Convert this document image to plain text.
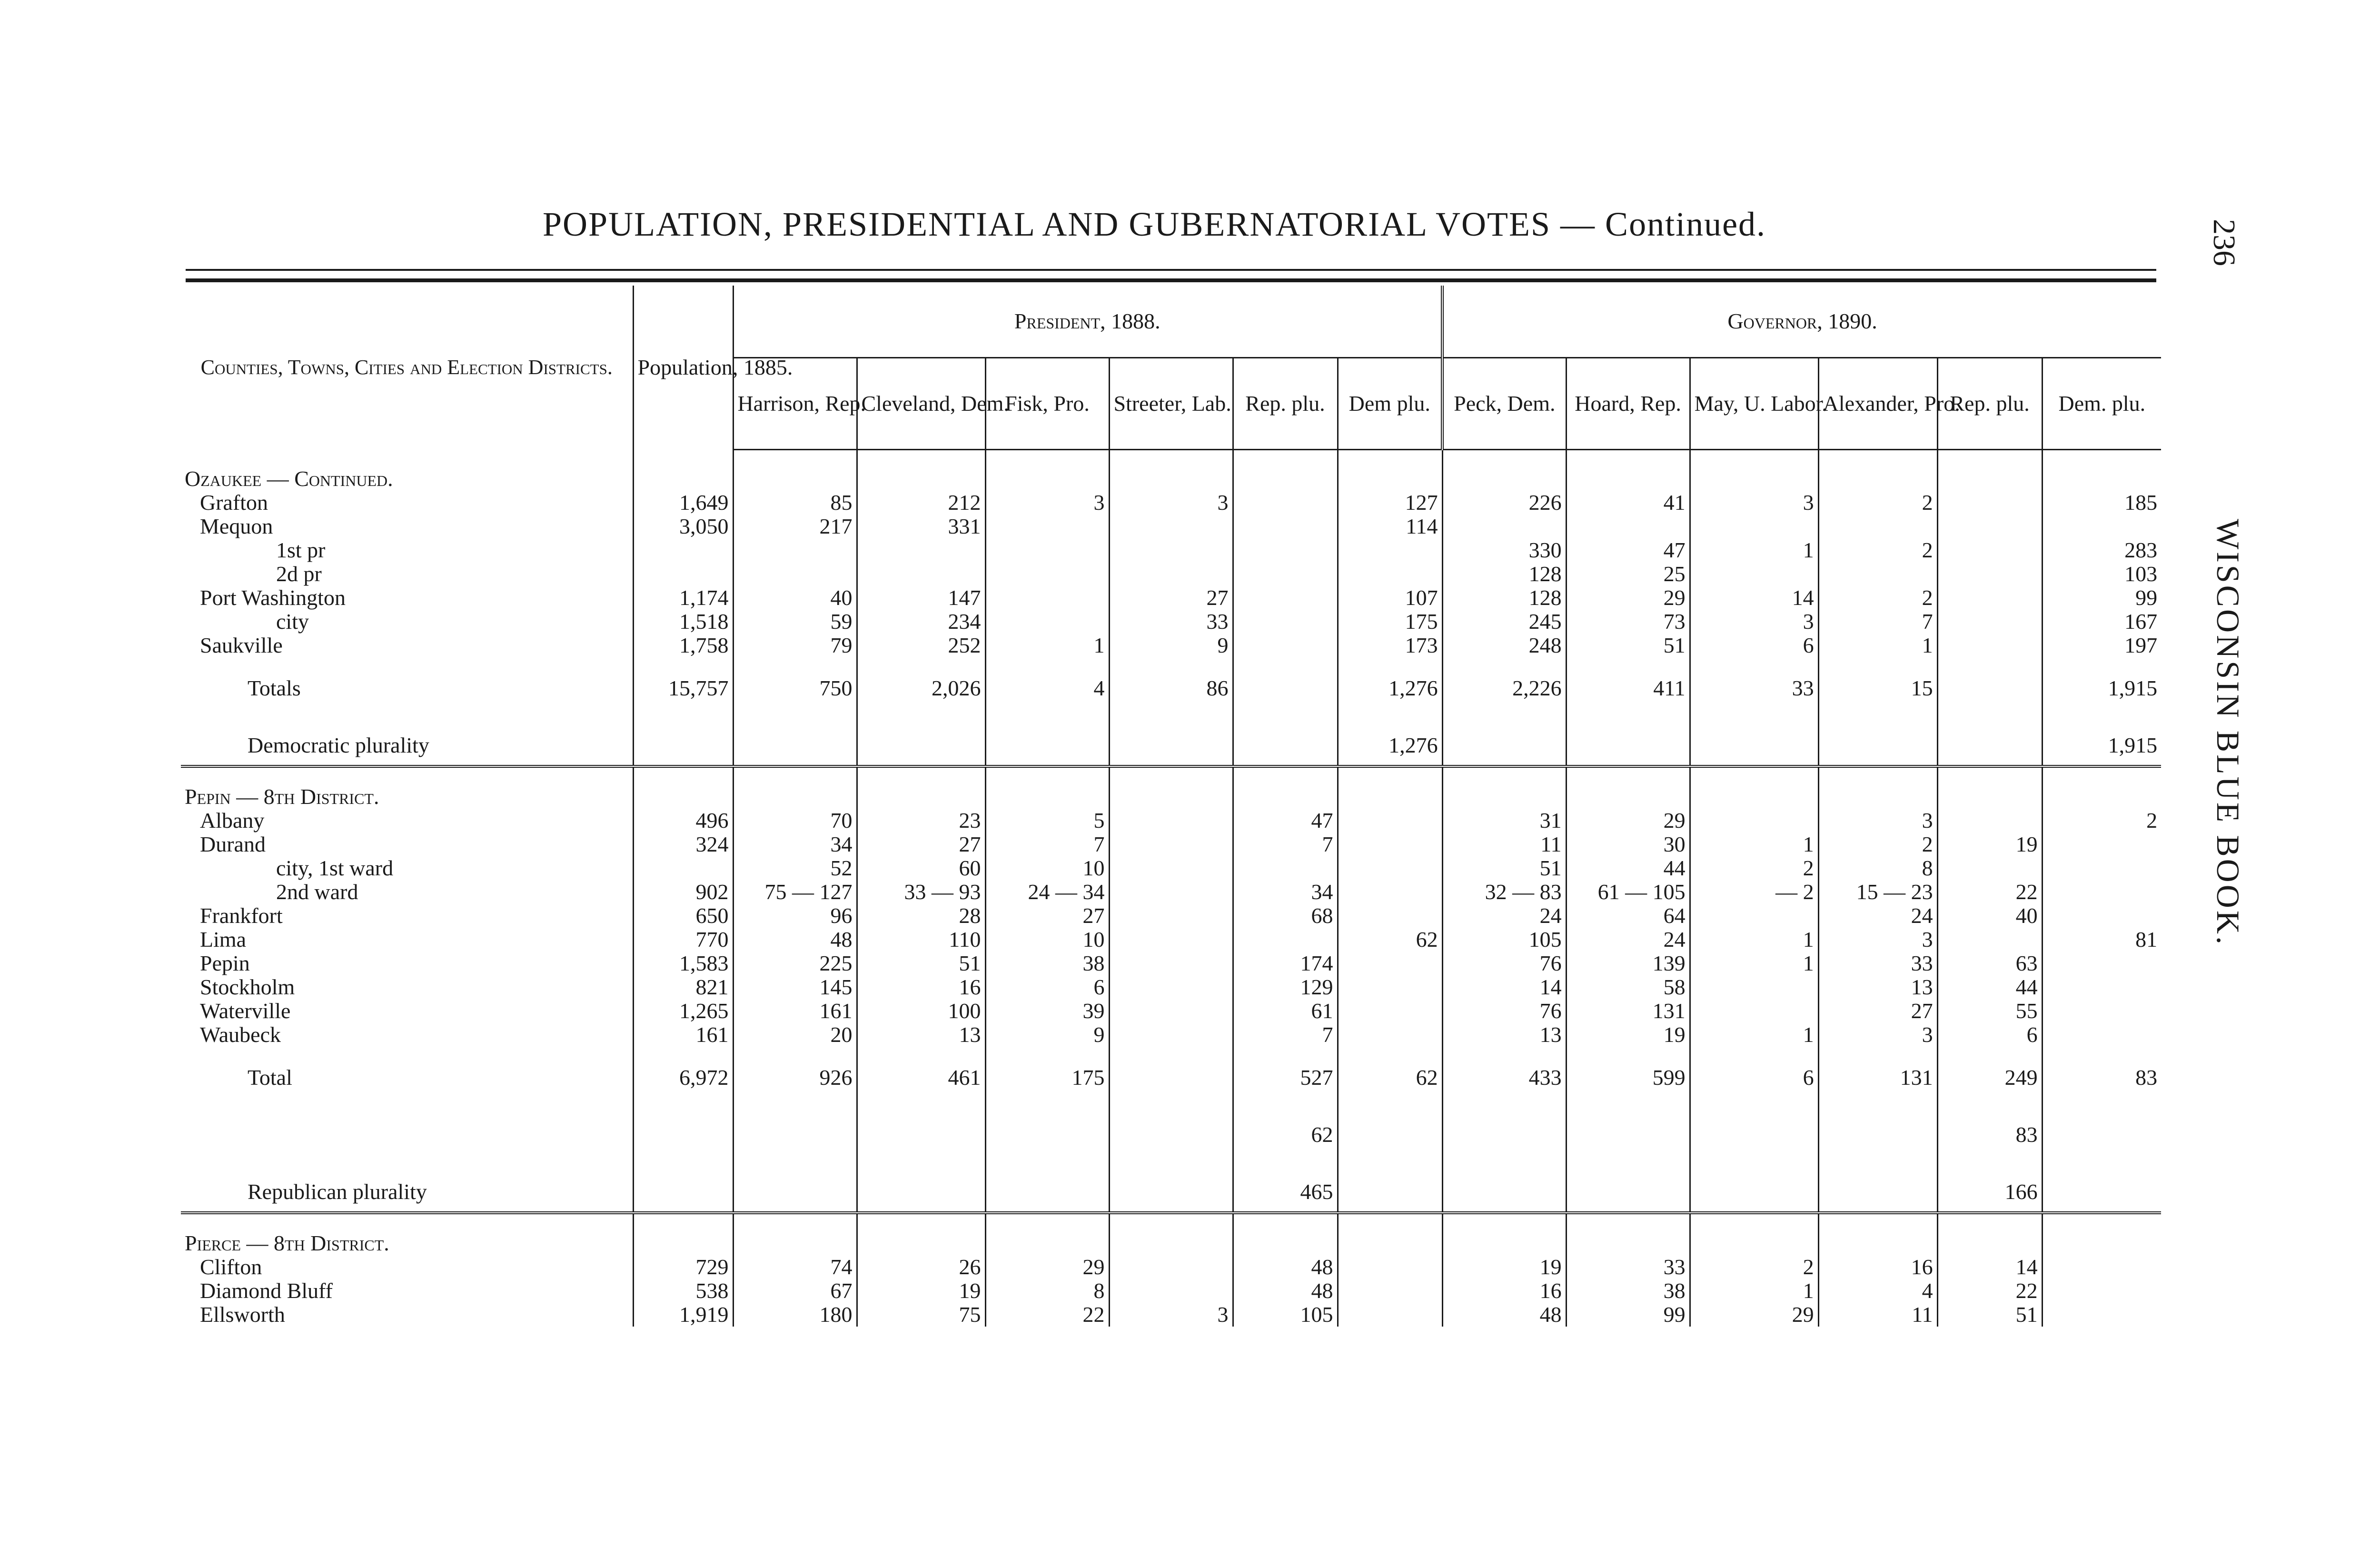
POPULATION, PRESIDENTIAL AND GUBERNATORIAL VOTES — Continued.	236
WISCONSIN BLUE BOOK.
Counties, Towns, Cities and Election Districts.	Population, 1885.	President, 1888.						Governor, 1890.					
		Harrison, Rep.	Cleveland, Dem.	Fisk, Pro.	Streeter, Lab.	Rep. plu.	Dem plu.	Peck, Dem.	Hoard, Rep.	May, U. Labor.	Alexander, Pro.	Rep. plu.	Dem. plu.
Ozaukee — Continued.													
Grafton	1,649	85	212	3	3		127	226	41	3	2		185
Mequon	3,050	217	331				114						
1st pr								330	47	1	2		283
2d pr								128	25				103
Port Washington	1,174	40	147		27		107	128	29	14	2		99
city	1,518	59	234		33		175	245	73	3	7		167
Saukville	1,758	79	252	1	9		173	248	51	6	1		197
Totals	15,757	750	2,026	4	86		1,276	2,226	411	33	15		1,915
Democratic plurality							1,276						1,915
Pepin — 8th District.													
Albany	496	70	23	5		47		31	29		3		2
Durand	324	34	27	7		7		11	30	1	2	19	
city, 1st ward		52	60	10				51	44	2	8		
2nd ward	902	75 — 127	33 — 93	24 — 34		34		32 — 83	61 — 105	— 2	15 — 23	22	
Frankfort	650	96	28	27		68		24	64		24	40	
Lima	770	48	110	10			62	105	24	1	3		81
Pepin	1,583	225	51	38		174		76	139	1	33	63	
Stockholm	821	145	16	6		129		14	58		13	44	
Waterville	1,265	161	100	39		61		76	131		27	55	
Waubeck	161	20	13	9		7		13	19	1	3	6	
Total	6,972	926	461	175		527	62	433	599	6	131	249	83
						62						83	
Republican plurality						465						166	
Pierce — 8th District.													
Clifton	729	74	26	29		48		19	33	2	16	14	
Diamond Bluff	538	67	19	8		48		16	38	1	4	22	
Ellsworth	1,919	180	75	22	3	105		48	99	29	11	51	
